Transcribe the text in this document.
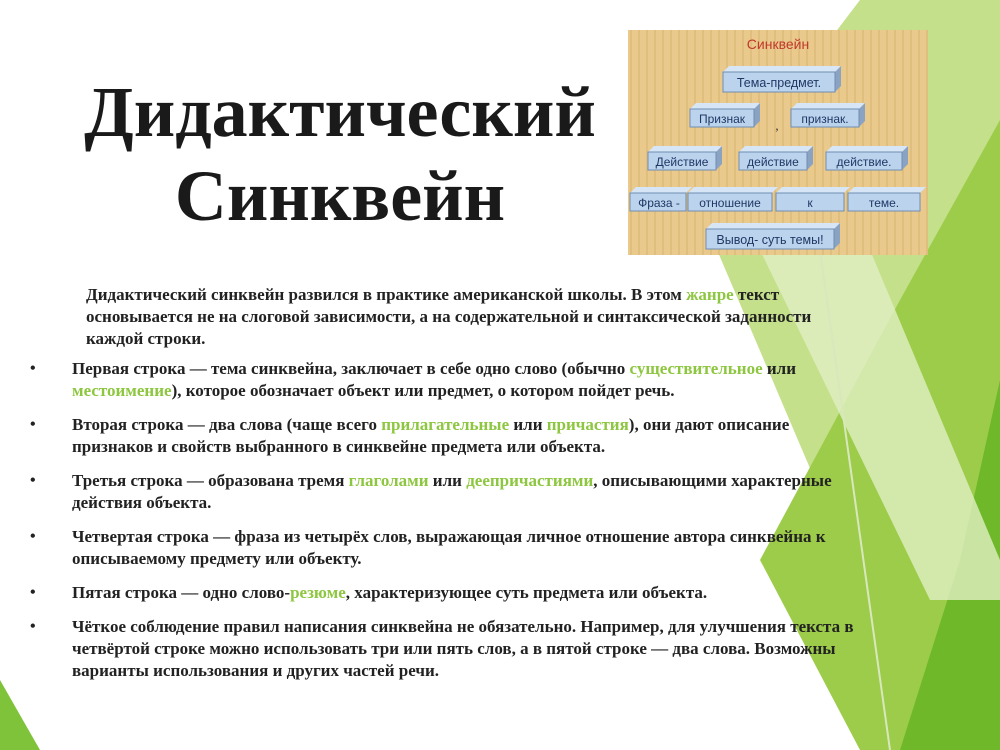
Дидактический
Синквейн
Синквейн
Тема-предмет.
Признак , признак.
Действие	действие	действие.
Фраза - отношение	к	теме.
Вывод- суть темы!
Дидактический синквейн развился в практике американской школы. В этом жанре текст основывается не на слоговой зависимости, а на содержательной и синтаксической заданности каждой строки.
• Первая строка — тема синквейна, заключает в себе одно слово (обычно существительное или местоимение), которое обозначает объект или предмет, о котором пойдет речь.
• Вторая строка — два слова (чаще всего прилагательные или причастия), они дают описание признаков и свойств выбранного в синквейне предмета или объекта.
• Третья строка — образована тремя глаголами или деепричастиями, описывающими характерные действия объекта.
• Четвертая строка — фраза из четырёх слов, выражающая личное отношение автора синквейна к описываемому предмету или объекту.
• Пятая строка — одно слово-резюме, характеризующее суть предмета или объекта.
• Чёткое соблюдение правил написания синквейна не обязательно. Например, для улучшения текста в четвёртой строке можно использовать три или пять слов, а в пятой строке — два слова. Возможны варианты использования и других частей речи.
